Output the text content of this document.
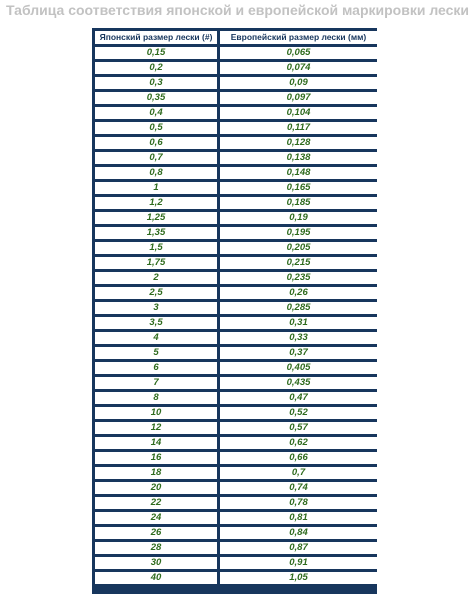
Таблица соответствия японской и европейской маркировки лески
Японский размер лески (#)	Европейский размер лески (мм)
0,15	0,065
0,2	0,074
0,3	0,09
0,35	0,097
0,4	0,104
0,5	0,117
0,6	0,128
0,7	0,138
0,8	0,148
1	0,165
1,2	0,185
1,25	0,19
1,35	0,195
1,5	0,205
1,75	0,215
2	0,235
2,5	0,26
3	0,285
3,5	0,31
4	0,33
5	0,37
6	0,405
7	0,435
8	0,47
10	0,52
12	0,57
14	0,62
16	0,66
18	0,7
20	0,74
22	0,78
24	0,81
26	0,84
28	0,87
30	0,91
40	1,05
